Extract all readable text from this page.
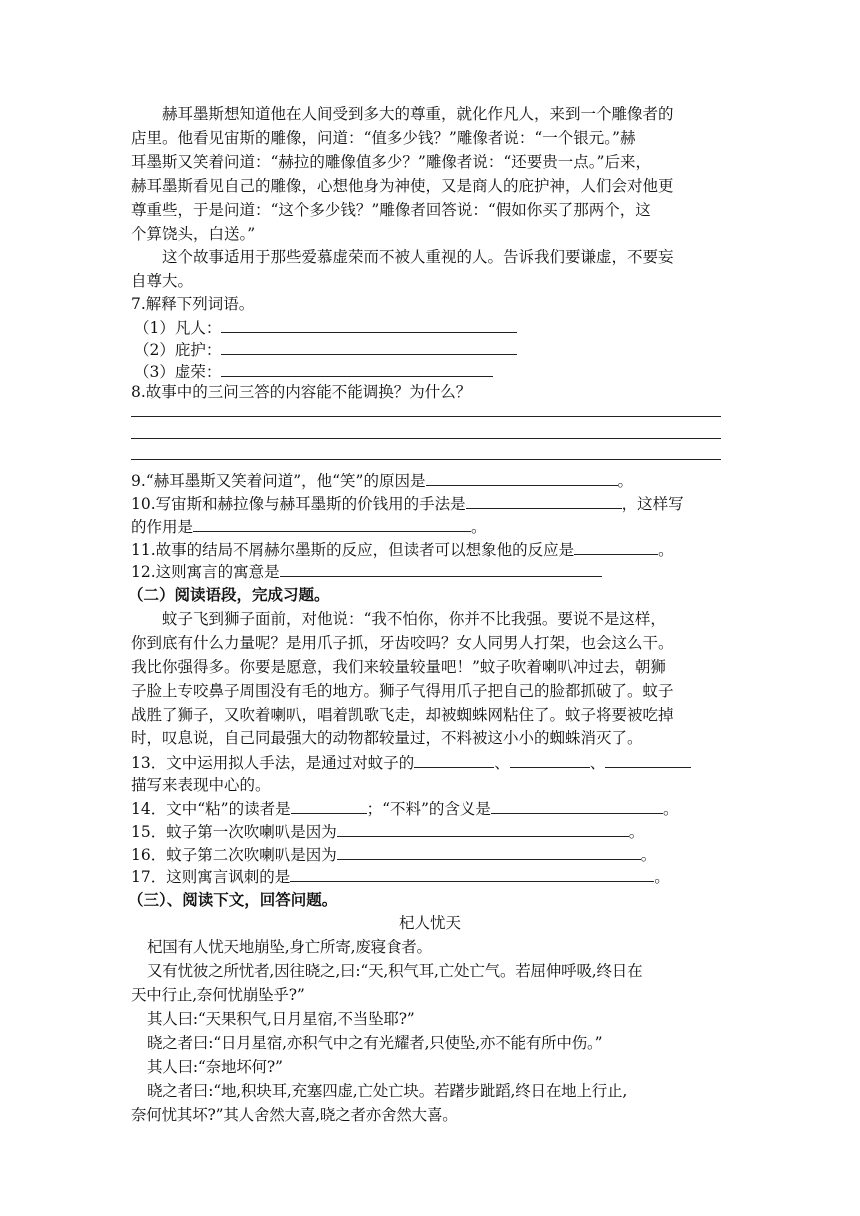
赫耳墨斯想知道他在人间受到多大的尊重，就化作凡人，来到一个雕像者的
店里。他看见宙斯的雕像，问道：“值多少钱？”雕像者说：“一个银元。”赫
耳墨斯又笑着问道：“赫拉的雕像值多少？”雕像者说：“还要贵一点。”后来，
赫耳墨斯看见自己的雕像，心想他身为神使，又是商人的庇护神，人们会对他更
尊重些，于是问道：“这个多少钱？”雕像者回答说：“假如你买了那两个，这
个算饶头，白送。”
这个故事适用于那些爱慕虚荣而不被人重视的人。告诉我们要谦虚，不要妄
自尊大。
7.解释下列词语。
（1）凡人：
（2）庇护：
（3）虚荣：
8.故事中的三问三答的内容能不能调换？为什么？
9.“赫耳墨斯又笑着问道”，他“笑”的原因是	。
10.写宙斯和赫拉像与赫耳墨斯的价钱用的手法是	，这样写
的作用是	。
11.故事的结局不屑赫尔墨斯的反应，但读者可以想象他的反应是	。
12.这则寓言的寓意是
（二）阅读语段，完成习题。
蚊子飞到狮子面前，对他说：“我不怕你，你并不比我强。要说不是这样，
你到底有什么力量呢？是用爪子抓，牙齿咬吗？女人同男人打架，也会这么干。
我比你强得多。你要是愿意，我们来较量较量吧！”蚊子吹着喇叭冲过去，朝狮
子脸上专咬鼻子周围没有毛的地方。狮子气得用爪子把自己的脸都抓破了。蚊子
战胜了狮子，又吹着喇叭，唱着凯歌飞走，却被蜘蛛网粘住了。蚊子将要被吃掉
时，叹息说，自己同最强大的动物都较量过，不料被这小小的蜘蛛消灭了。
13．文中运用拟人手法，是通过对蚊子的	、	、
描写来表现中心的。
14．文中“粘”的读者是	；“不料”的含义是	。
15．蚊子第一次吹喇叭是因为	。
16．蚊子第二次吹喇叭是因为	。
17．这则寓言讽刺的是	。
（三）、阅读下文，回答问题。
杞人忧天
杞国有人忧天地崩坠,身亡所寄,废寝食者。
又有忧彼之所忧者,因往晓之,曰:“天,积气耳,亡处亡气。若屈伸呼吸,终日在
天中行止,奈何忧崩坠乎?”
其人曰:“天果积气,日月星宿,不当坠耶?”
晓之者曰:“日月星宿,亦积气中之有光耀者,只使坠,亦不能有所中伤。”
其人曰:“奈地坏何?”
晓之者曰:“地,积块耳,充塞四虚,亡处亡块。若躇步跐蹈,终日在地上行止,
奈何忧其坏?”其人舍然大喜,晓之者亦舍然大喜。
